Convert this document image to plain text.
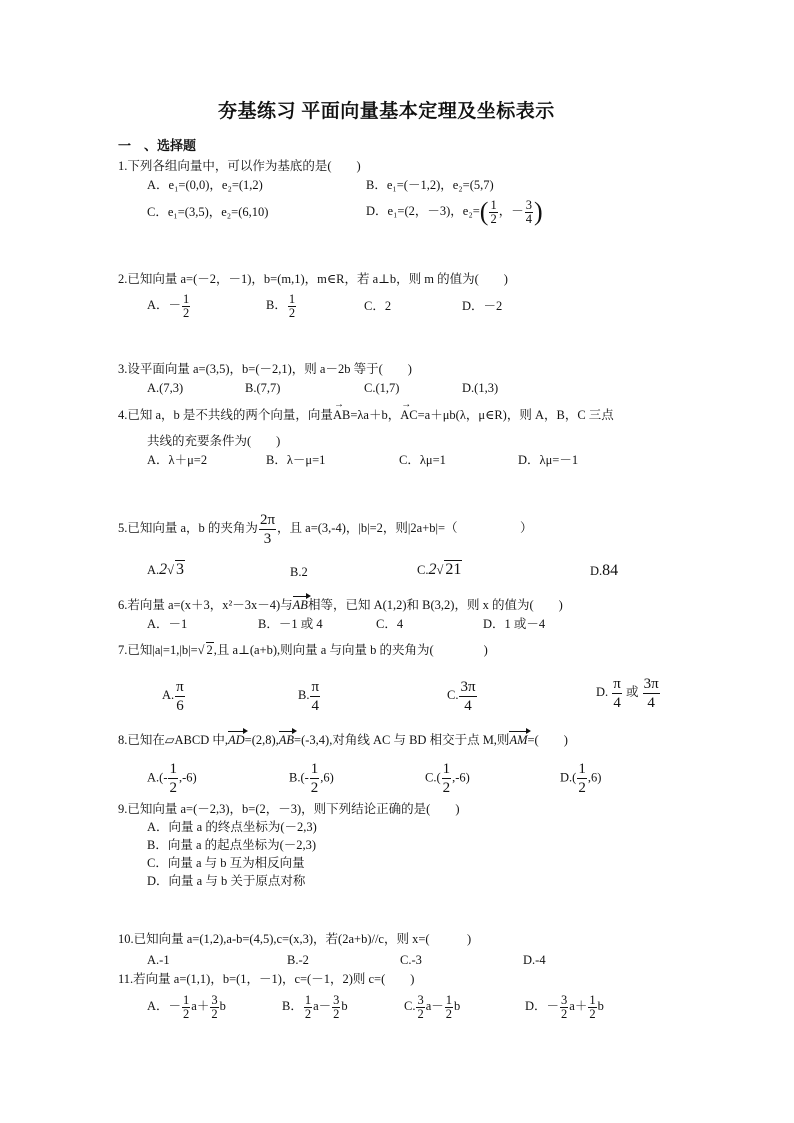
夯基练习 平面向量基本定理及坐标表示
一　、选择题
1.下列各组向量中，可以作为基底的是(　　)
A．e₁=(0,0)，e₂=(1,2)	B．e₁=(－1,2)，e₂=(5,7)
C．e₁=(3,5)，e₂=(6,10)	D．e₁=(2，－3)，$e_2=( \frac{1}{2}$ ，－ $\frac{3}{4}$ )
2.已知向量 a=(－2，－1)，b=(m,1)，m∈R，若 a⊥b，则 m 的值为(　　)
A．－ $\frac{1}{2}$	B． $\frac{1}{2}$	C．2	D．－2
3.设平面向量 a=(3,5)，b=(－2,1)，则 a－2b 等于(　　)
A.(7,3)	B.(7,7)	C.(1,7)	D.(1,3)
4.已知 a，b 是不共线的两个向量，向量AB →=λa＋b，AC →=a＋μb(λ，μ∈R)，则 A，B，C 三点
共线的充要条件为(　　)
A．λ＋μ=2	B．λ－μ=1	C．λμ=1	D．λμ=－1
5.已知向量 a，b 的夹角为 $\frac{2\pi}{3}$ ，且 a=(3,-4)，|b|=2，则|2a+b|=（　　　　　）
A.2√ 3	B.2	C.2√ 21	D.84
6.若向量 a=(x＋3，x²－3x－4)与AB相等，已知 A(1,2)和 B(3,2)，则 x 的值为(　　)
A．－1	B．－1 或 4	C．4	D．1 或－4
7.已知|a|=1,|b|=√ 2,且 a⊥(a+b),则向量 a 与向量 b 的夹角为(　　　　)
A. $\frac{\pi}{6}$	B. $\frac{\pi}{4}$	C. $\frac{3\pi}{4}$	D. $\frac{\pi}{4}$ 或 $\frac{3\pi}{4}$
8.已知在▱ABCD 中,AD=(2,8),AB=(-3,4),对角线 AC 与 BD 相交于点 M,则AM=(　　)
$A.(- \frac{1}{2} ,-6)$	$B.(- \frac{1}{2} ,6)$	$C.( \frac{1}{2} ,-6)$	$D.( \frac{1}{2} ,6)$
9.已知向量 a=(－2,3)，b=(2，－3)，则下列结论正确的是(　　)
A．向量 a 的终点坐标为(－2,3)
B．向量 a 的起点坐标为(－2,3)
C．向量 a 与 b 互为相反向量
D．向量 a 与 b 关于原点对称
10.已知向量 a=(1,2),a-b=(4,5),c=(x,3)，若(2a+b)//c，则 x=(　　　)
A.-1	B.-2	C.-3	D.-4
11.若向量 a=(1,1)，b=(1，－1)，c=(－1，2)则 c=(　　)
A．－ $\frac{1}{2} a+ \frac{3}{2}$ b	B． $\frac{1}{2} a- \frac{3}{2}$ b	C. $\frac{3}{2} a- \frac{1}{2}$ b	D．－ $\frac{3}{2} a+ \frac{1}{2}$ b
